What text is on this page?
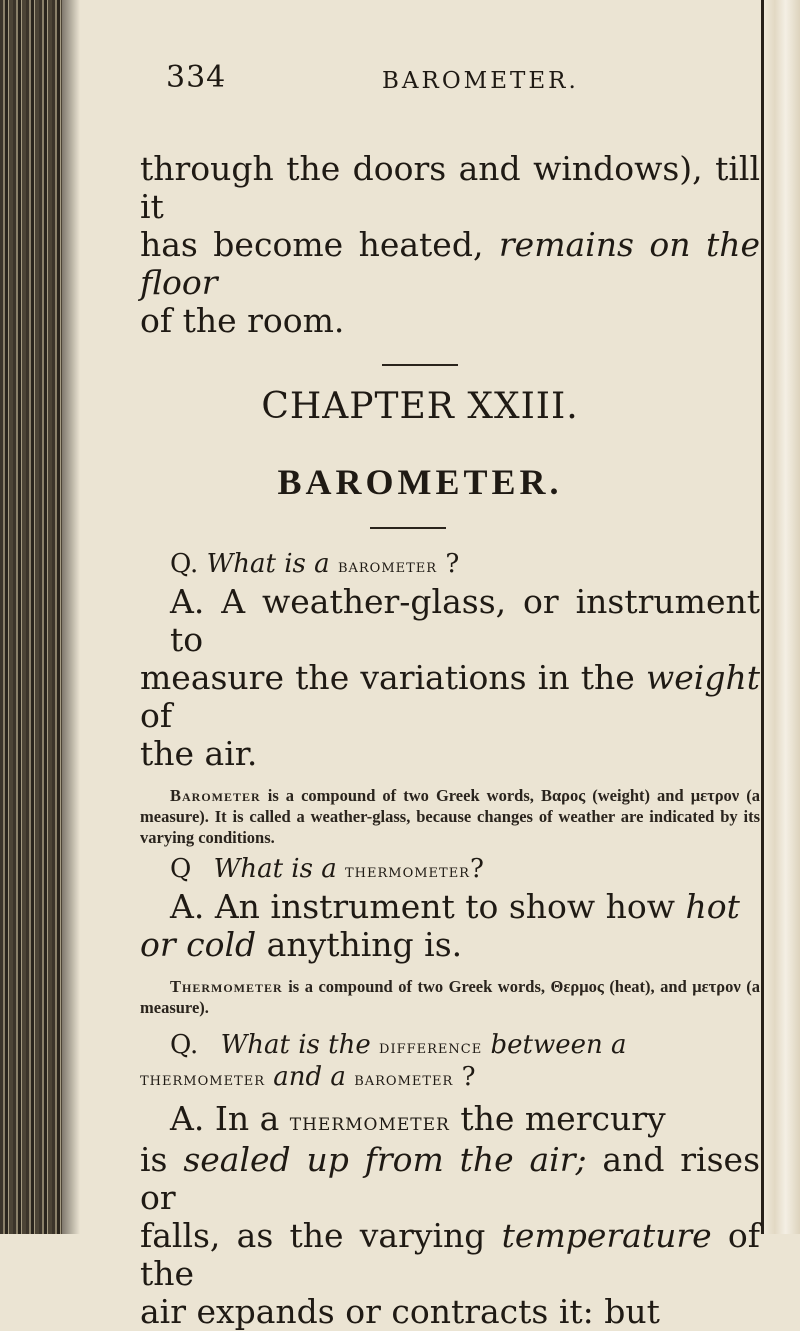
334	BAROMETER.
through the doors and windows), till it
has become heated, remains on the floor
of the room.

CHAPTER XXIII.

BAROMETER.

Q. What is a barometer ?

A. A weather-glass, or instrument to
measure the variations in the weight of
the air.

Barometer is a compound of two Greek words, Βαρος (weight) and μετρον (a measure). It is called a weather-glass, because changes of weather are indicated by its varying conditions.

Q What is a thermometer?

A. An instrument to show how hot
or cold anything is.

Thermometer is a compound of two Greek words, Θερμος (heat), and μετρον (a measure).

Q. What is the difference between a

thermometer and a barometer ?

A. In a thermometer the mercury
is sealed up from the air; and rises or
falls, as the varying temperature of the
air expands or contracts it: but
